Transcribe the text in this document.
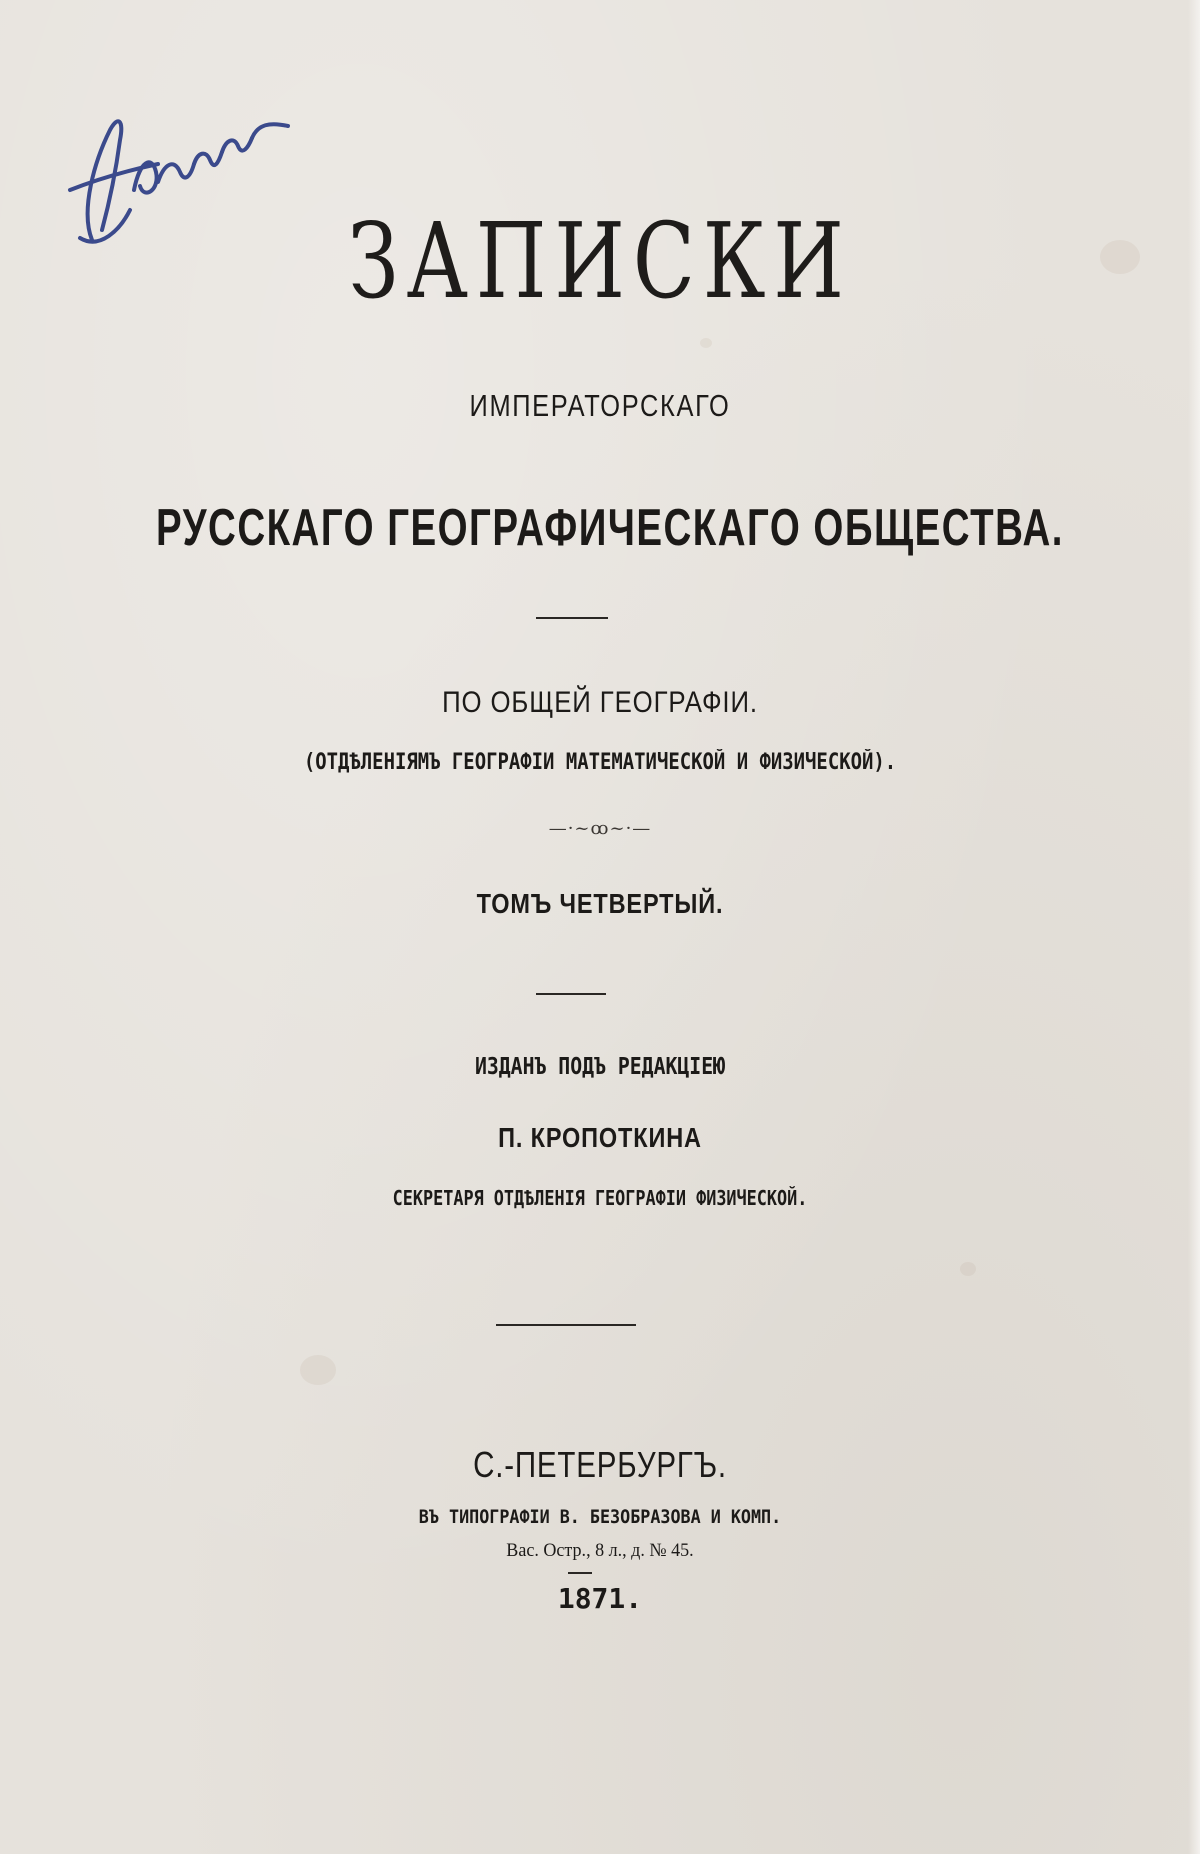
ЗАПИСКИ
ИМПЕРАТОРСКАГО
РУССКАГО ГЕОГРАФИЧЕСКАГО ОБЩЕСТВА.
ПО ОБЩЕЙ ГЕОГРАФІИ.
(ОТДѢЛЕНІЯМЪ ГЕОГРАФІИ МАТЕМАТИЧЕСКОЙ И ФИЗИЧЕСКОЙ).
—·~ꝏ~·—
ТОМЪ ЧЕТВЕРТЫЙ.
ИЗДАНЪ ПОДЪ РЕДАКЦІЕЮ
П. КРОПОТКИНА
СЕКРЕТАРЯ ОТДѢЛЕНІЯ ГЕОГРАФІИ ФИЗИЧЕСКОЙ.
С.-ПЕТЕРБУРГЪ.
ВЪ ТИПОГРАФІИ В. БЕЗОБРАЗОВА И КОМП.
Вас. Остр., 8 л., д. № 45.
1871.
